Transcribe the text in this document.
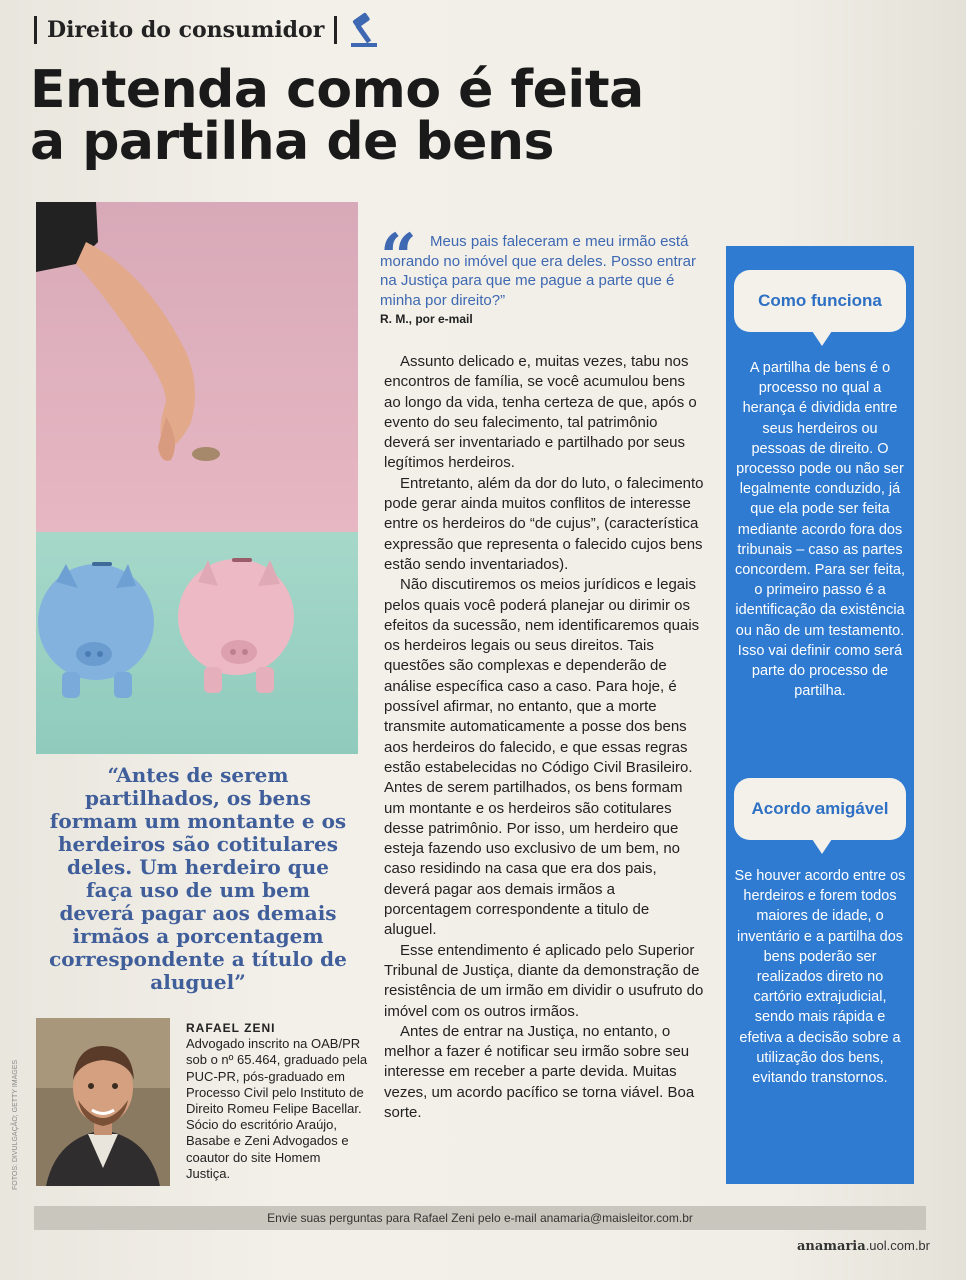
Direito do consumidor
Entenda como é feita
a partilha de bens
“Antes de serem partilhados, os bens formam um montante e os herdeiros são cotitulares deles. Um herdeiro que faça uso de um bem deverá pagar aos demais irmãos a porcentagem correspondente a título de aluguel”
FOTOS: DIVULGAÇÃO; GETTY IMAGES
RAFAEL ZENI
Advogado inscrito na OAB/PR sob o nº 65.464, graduado pela PUC-PR, pós-graduado em Processo Civil pelo Instituto de Direito Romeu Felipe Bacellar. Sócio do escritório Araújo, Basabe e Zeni Advogados e coautor do site Homem Justiça.
“ Meus pais faleceram e meu irmão está morando no imóvel que era deles. Posso entrar na Justiça para que me pague a parte que é minha por direito?”

R. M., por e-mail

Assunto delicado e, muitas vezes, tabu nos encontros de família, se você acumulou bens ao longo da vida, tenha certeza de que, após o evento do seu falecimento, tal patrimônio deverá ser inventariado e partilhado por seus legítimos herdeiros.

Entretanto, além da dor do luto, o falecimento pode gerar ainda muitos conflitos de interesse entre os herdeiros do “de cujus”, (característica expressão que representa o falecido cujos bens estão sendo inventariados).

Não discutiremos os meios jurídicos e legais pelos quais você poderá planejar ou dirimir os efeitos da sucessão, nem identificaremos quais os herdeiros legais ou seus direitos. Tais questões são complexas e dependerão de análise específica caso a caso. Para hoje, é possível afirmar, no entanto, que a morte transmite automaticamente a posse dos bens aos herdeiros do falecido, e que essas regras estão estabelecidas no Código Civil Brasileiro. Antes de serem partilhados, os bens formam um montante e os herdeiros são cotitulares desse patrimônio. Por isso, um herdeiro que esteja fazendo uso exclusivo de um bem, no caso residindo na casa que era dos pais, deverá pagar aos demais irmãos a porcentagem correspondente a titulo de aluguel.

Esse entendimento é aplicado pelo Superior Tribunal de Justiça, diante da demonstração de resistência de um irmão em dividir o usufruto do imóvel com os outros irmãos.

Antes de entrar na Justiça, no entanto, o melhor a fazer é notificar seu irmão sobre seu interesse em receber a parte devida. Muitas vezes, um acordo pacífico se torna viável. Boa sorte.

Como funciona
A partilha de bens é o processo no qual a herança é dividida entre seus herdeiros ou pessoas de direito. O processo pode ou não ser legalmente conduzido, já que ela pode ser feita mediante acordo fora dos tribunais – caso as partes concordem. Para ser feita, o primeiro passo é a identificação da existência ou não de um testamento. Isso vai definir como será parte do processo de partilha.
Acordo amigável
Se houver acordo entre os herdeiros e forem todos maiores de idade, o inventário e a partilha dos bens poderão ser realizados direto no cartório extrajudicial, sendo mais rápida e efetiva a decisão sobre a utilização dos bens, evitando transtornos.
Envie suas perguntas para Rafael Zeni pelo e-mail anamaria@maisleitor.com.br
anamaria.uol.com.br
